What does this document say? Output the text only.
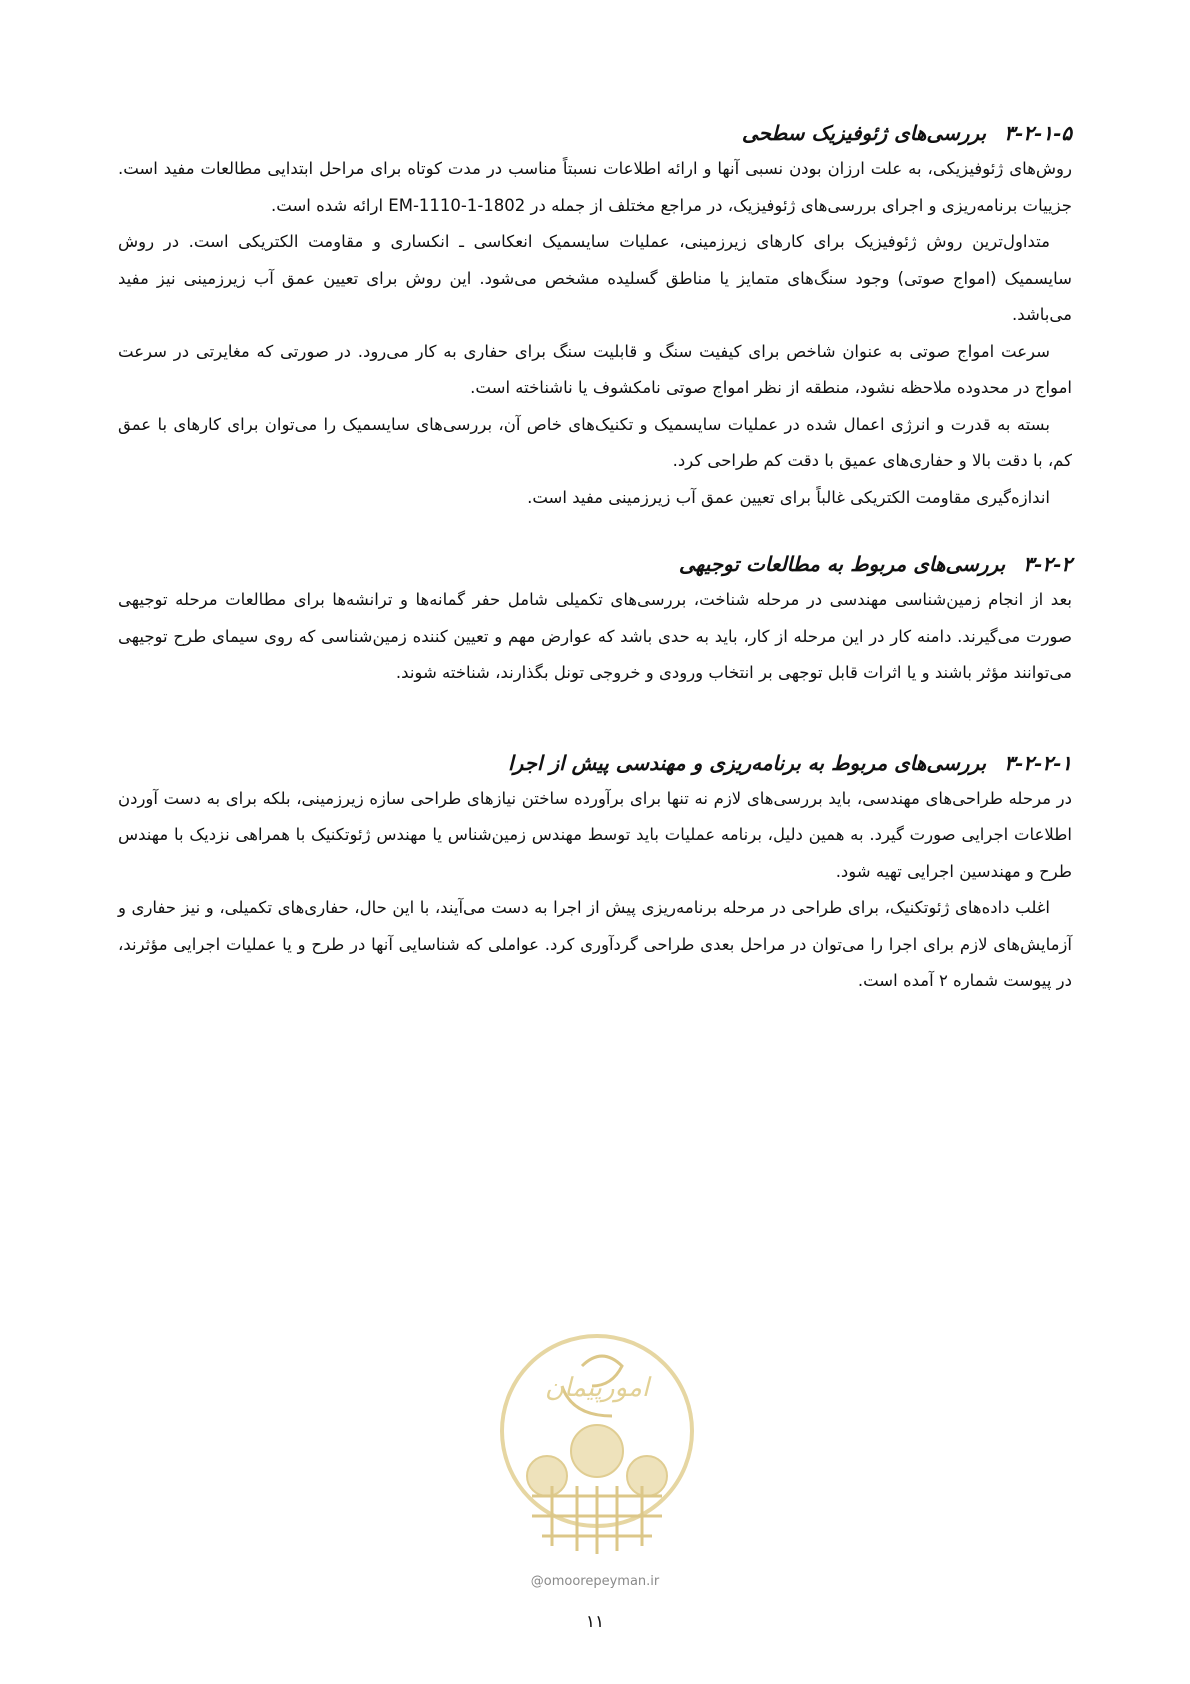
۳-۲-۱-۵بررسی‌های ژئوفیزیک سطحی

روش‌های ژئوفیزیکی، به علت ارزان بودن نسبی آنها و ارائه اطلاعات نسبتاً مناسب در مدت کوتاه برای مراحل ابتدایی مطالعات مفید است. جزییات برنامه‌ریزی و اجرای بررسی‌های ژئوفیزیک، در مراجع مختلف از جمله در EM-1110-1-1802 ارائه شده است.

متداول‌ترین روش ژئوفیزیک برای کارهای زیرزمینی، عملیات سایسمیک انعکاسی ـ انکساری و مقاومت الکتریکی است. در روش سایسمیک (امواج صوتی) وجود سنگ‌های متمایز یا مناطق گسلیده مشخص می‌شود. این روش برای تعیین عمق آب زیرزمینی نیز مفید می‌باشد.

سرعت امواج صوتی به عنوان شاخص برای کیفیت سنگ و قابلیت سنگ برای حفاری به کار می‌رود. در صورتی که مغایرتی در سرعت امواج در محدوده ملاحظه نشود، منطقه از نظر امواج صوتی نامکشوف یا ناشناخته است.

بسته به قدرت و انرژی اعمال شده در عملیات سایسمیک و تکنیک‌های خاص آن، بررسی‌های سایسمیک را می‌توان برای کارهای با عمق کم، با دقت بالا و حفاری‌های عمیق با دقت کم طراحی کرد.

اندازه‌گیری مقاومت الکتریکی غالباً برای تعیین عمق آب زیرزمینی مفید است.

۳-۲-۲بررسی‌های مربوط به مطالعات توجیهی

بعد از انجام زمین‌شناسی مهندسی در مرحله شناخت، بررسی‌های تکمیلی شامل حفر گمانه‌ها و ترانشه‌ها برای مطالعات مرحله توجیهی صورت می‌گیرند. دامنه کار در این مرحله از کار، باید به حدی باشد که عوارض مهم و تعیین کننده زمین‌شناسی که روی سیمای طرح توجیهی می‌توانند مؤثر باشند و یا اثرات قابل توجهی بر انتخاب ورودی و خروجی تونل بگذارند، شناخته شوند.

۳-۲-۲-۱بررسی‌های مربوط به برنامه‌ریزی و مهندسی پیش از اجرا

در مرحله طراحی‌های مهندسی، باید بررسی‌های لازم نه تنها برای برآورده ساختن نیازهای طراحی سازه زیرزمینی، بلکه برای به دست آوردن اطلاعات اجرایی صورت گیرد. به همین دلیل، برنامه عملیات باید توسط مهندس زمین‌شناس یا مهندس ژئوتکنیک با همراهی نزدیک با مهندس طرح و مهندسین اجرایی تهیه شود.

اغلب داده‌های ژئوتکنیک، برای طراحی در مرحله برنامه‌ریزی پیش از اجرا به دست می‌آیند، با این حال، حفاری‌های تکمیلی، و نیز حفاری و آزمایش‌های لازم برای اجرا را می‌توان در مراحل بعدی طراحی گردآوری کرد. عواملی که شناسایی آنها در طرح و یا عملیات اجرایی مؤثرند، در پیوست شماره ۲ آمده است.

امورپیمان
@omoorepeyman.ir
۱۱
